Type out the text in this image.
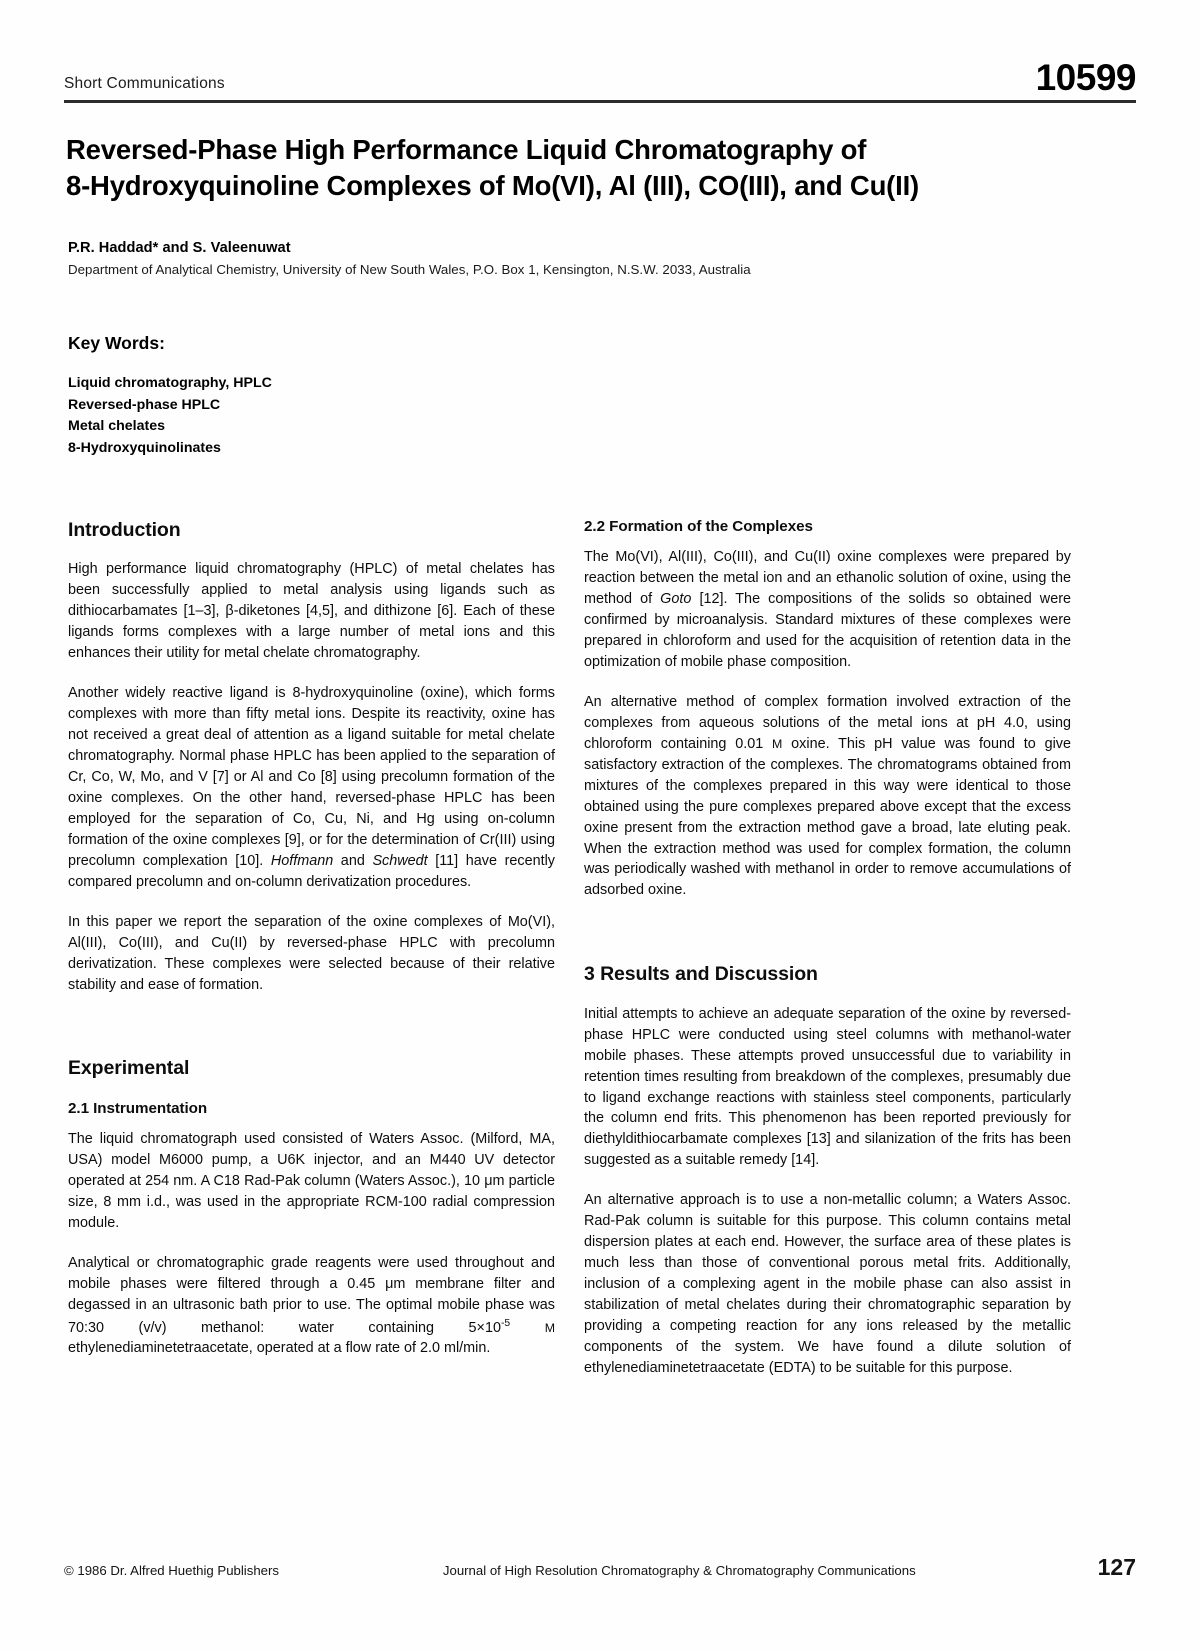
Short Communications	10599
Reversed-Phase High Performance Liquid Chromatography of
8-Hydroxyquinoline Complexes of Mo(VI), Al (III), CO(III), and Cu(II)
P.R. Haddad* and S. Valeenuwat
Department of Analytical Chemistry, University of New South Wales, P.O. Box 1, Kensington, N.S.W. 2033, Australia
Key Words:
Liquid chromatography, HPLC
Reversed-phase HPLC
Metal chelates
8-Hydroxyquinolinates
Introduction

High performance liquid chromatography (HPLC) of metal chelates has been successfully applied to metal analysis using ligands such as dithiocarbamates [1–3], β-diketones [4,5], and dithizone [6]. Each of these ligands forms complexes with a large number of metal ions and this enhances their utility for metal chelate chromatography.

Another widely reactive ligand is 8-hydroxyquinoline (oxine), which forms complexes with more than fifty metal ions. Despite its reactivity, oxine has not received a great deal of attention as a ligand suitable for metal chelate chromatography. Normal phase HPLC has been applied to the separation of Cr, Co, W, Mo, and V [7] or Al and Co [8] using precolumn formation of the oxine complexes. On the other hand, reversed-phase HPLC has been employed for the separation of Co, Cu, Ni, and Hg using on-column formation of the oxine complexes [9], or for the determination of Cr(III) using precolumn complexation [10]. Hoffmann and Schwedt [11] have recently compared precolumn and on-column derivatization procedures.

In this paper we report the separation of the oxine complexes of Mo(VI), Al(III), Co(III), and Cu(II) by reversed-phase HPLC with precolumn derivatization. These complexes were selected because of their relative stability and ease of formation.

Experimental
2.1 Instrumentation

The liquid chromatograph used consisted of Waters Assoc. (Milford, MA, USA) model M6000 pump, a U6K injector, and an M440 UV detector operated at 254 nm. A C18 Rad-Pak column (Waters Assoc.), 10 μm particle size, 8 mm i.d., was used in the appropriate RCM-100 radial compression module.

Analytical or chromatographic grade reagents were used throughout and mobile phases were filtered through a 0.45 μm membrane filter and degassed in an ultrasonic bath prior to use. The optimal mobile phase was 70:30 (v/v) methanol: water containing $5\times 10^{-5}$	M ethylenediaminetetraacetate, operated at a flow rate of 2.0 ml/min.

2.2 Formation of the Complexes

The Mo(VI), Al(III), Co(III), and Cu(II) oxine complexes were prepared by reaction between the metal ion and an ethanolic solution of oxine, using the method of Goto [12]. The compositions of the solids so obtained were confirmed by microanalysis. Standard mixtures of these complexes were prepared in chloroform and used for the acquisition of retention data in the optimization of mobile phase composition.

An alternative method of complex formation involved extraction of the complexes from aqueous solutions of the metal ions at pH 4.0, using chloroform containing 0.01 M oxine. This pH value was found to give satisfactory extraction of the complexes. The chromatograms obtained from mixtures of the complexes prepared in this way were identical to those obtained using the pure complexes prepared above except that the excess oxine present from the extraction method gave a broad, late eluting peak. When the extraction method was used for complex formation, the column was periodically washed with methanol in order to remove accumulations of adsorbed oxine.

3 Results and Discussion

Initial attempts to achieve an adequate separation of the oxine by reversed-phase HPLC were conducted using steel columns with methanol-water mobile phases. These attempts proved unsuccessful due to variability in retention times resulting from breakdown of the complexes, presumably due to ligand exchange reactions with stainless steel components, particularly the column end frits. This phenomenon has been reported previously for diethyldithiocarbamate complexes [13] and silanization of the frits has been suggested as a suitable remedy [14].

An alternative approach is to use a non-metallic column; a Waters Assoc. Rad-Pak column is suitable for this purpose. This column contains metal dispersion plates at each end. However, the surface area of these plates is much less than those of conventional porous metal frits. Additionally, inclusion of a complexing agent in the mobile phase can also assist in stabilization of metal chelates during their chromatographic separation by providing a competing reaction for any ions released by the metallic components of the system. We have found a dilute solution of ethylenediaminetetraacetate (EDTA) to be suitable for this purpose.

© 1986 Dr. Alfred Huethig Publishers	Journal of High Resolution Chromatography & Chromatography Communications	127
